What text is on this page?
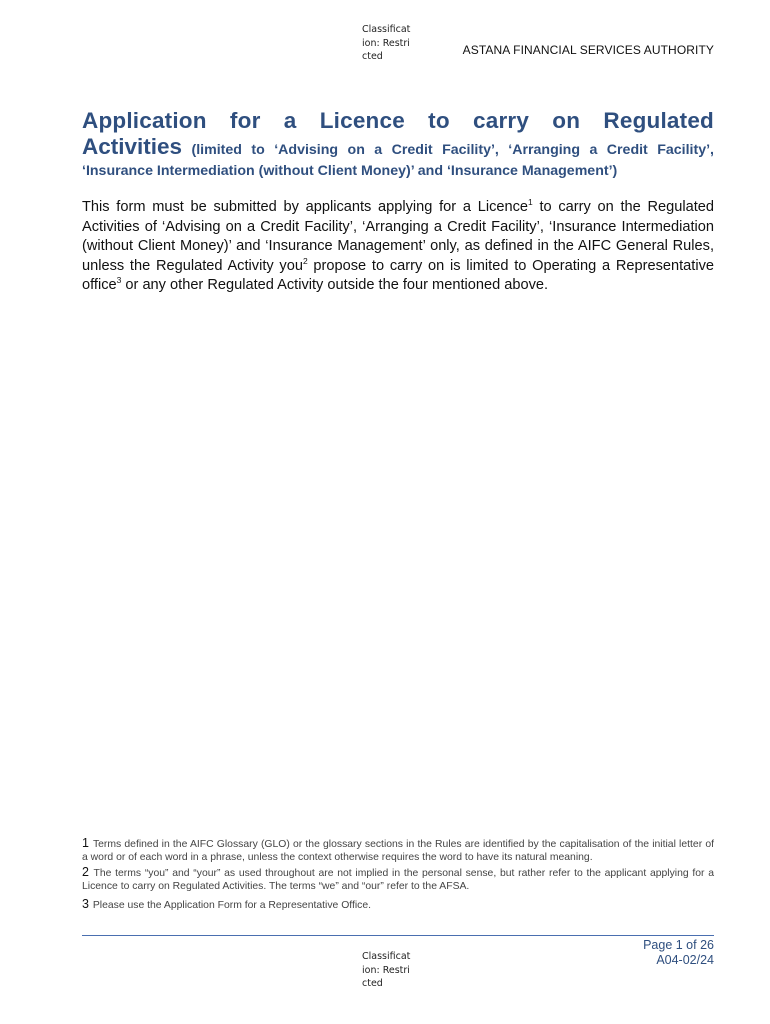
Classification: Restricted	ASTANA FINANCIAL SERVICES AUTHORITY
Application for a Licence to carry on Regulated
Activities (limited to ‘Advising on a Credit Facility’, ‘Arranging a Credit Facility’, ‘Insurance Intermediation (without Client Money)’ and ‘Insurance Management’)
This form must be submitted by applicants applying for a Licence$^1$ to carry on the Regulated Activities of ‘Advising on a Credit Facility’, ‘Arranging a Credit Facility’, ‘Insurance Intermediation (without Client Money)’ and ‘Insurance Management’ only, as defined in the AIFC General Rules, unless the Regulated Activity you$^2$ propose to carry on is limited to Operating a Representative office$^3$ or any other Regulated Activity outside the four mentioned above.
1 Terms defined in the AIFC Glossary (GLO) or the glossary sections in the Rules are identified by the capitalisation of the initial letter of a word or of each word in a phrase, unless the context otherwise requires the word to have its natural meaning.
2 The terms “you” and “your” as used throughout are not implied in the personal sense, but rather refer to the applicant applying for a Licence to carry on Regulated Activities. The terms “we” and “our” refer to the AFSA.
3 Please use the Application Form for a Representative Office.
Page 1 of 26
A04-02/24
Classification: Restricted
